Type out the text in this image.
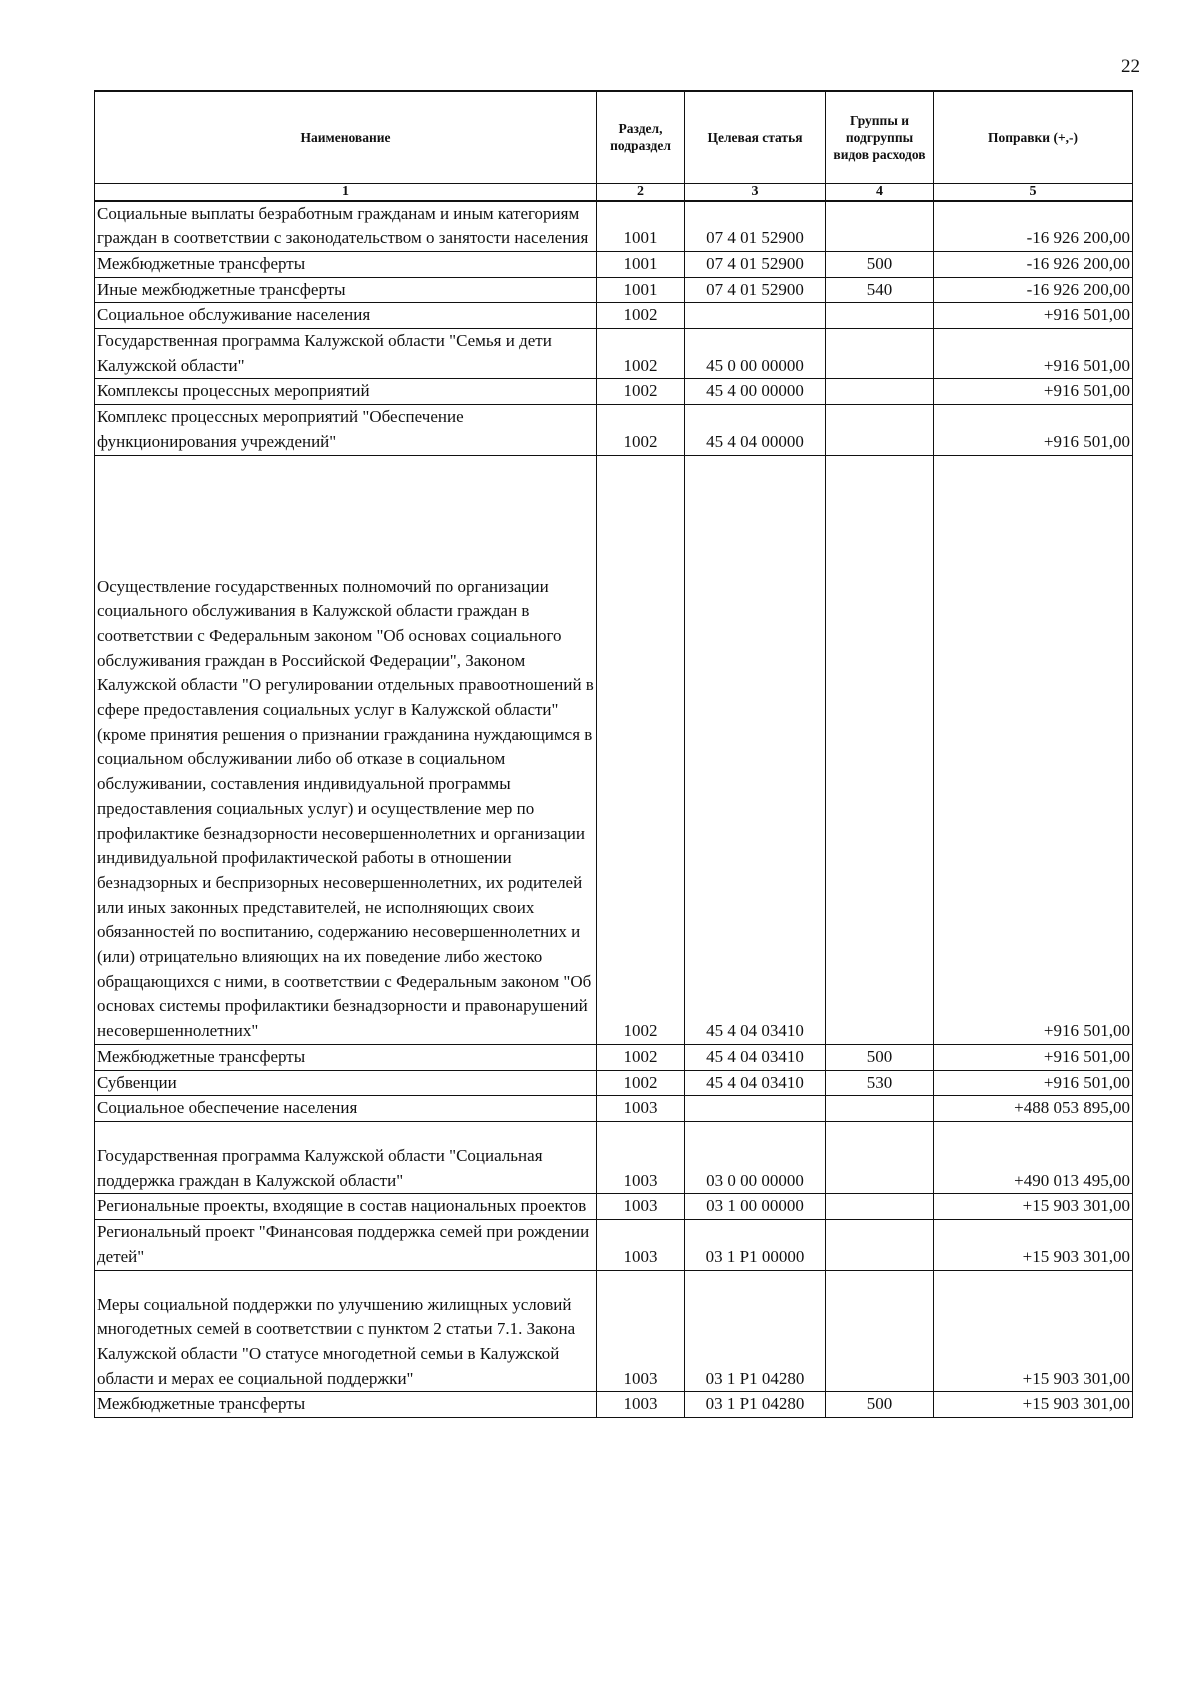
22
Наименование	Раздел, подраздел	Целевая статья	Группы и подгруппы видов расходов	Поправки (+,-)
1	2	3	4	5
Социальные выплаты безработным гражданам и иным категориям граждан в соответствии с законодательством о занятости населения	1001	07 4 01 52900		-16 926 200,00
Межбюджетные трансферты	1001	07 4 01 52900	500	-16 926 200,00
Иные межбюджетные трансферты	1001	07 4 01 52900	540	-16 926 200,00
Социальное обслуживание населения	1002			+916 501,00
Государственная программа Калужской области "Семья и дети Калужской области"	1002	45 0 00 00000		+916 501,00
Комплексы процессных мероприятий	1002	45 4 00 00000		+916 501,00
Комплекс процессных мероприятий "Обеспечение функционирования учреждений"	1002	45 4 04 00000		+916 501,00

Осуществление государственных полномочий по организации социального обслуживания в Калужской области граждан в соответствии с Федеральным законом "Об основах социального обслуживания граждан в Российской Федерации", Законом Калужской области "О регулировании отдельных правоотношений в сфере предоставления социальных услуг в Калужской области" (кроме принятия решения о признании гражданина нуждающимся в социальном обслуживании либо об отказе в социальном обслуживании, составления индивидуальной программы предоставления социальных услуг) и осуществление мер по профилактике безнадзорности несовершеннолетних и организации индивидуальной профилактической работы в отношении безнадзорных и беспризорных несовершеннолетних, их родителей или иных законных представителей, не исполняющих своих обязанностей по воспитанию, содержанию несовершеннолетних и (или) отрицательно влияющих на их поведение либо жестоко обращающихся с ними, в соответствии с Федеральным законом "Об основах системы профилактики безнадзорности и правонарушений несовершеннолетних"	1002	45 4 04 03410		+916 501,00
Межбюджетные трансферты	1002	45 4 04 03410	500	+916 501,00
Субвенции	1002	45 4 04 03410	530	+916 501,00
Социальное обеспечение населения	1003			+488 053 895,00

Государственная программа Калужской области "Социальная поддержка граждан в Калужской области"	1003	03 0 00 00000		+490 013 495,00
Региональные проекты, входящие в состав национальных проектов	1003	03 1 00 00000		+15 903 301,00
Региональный проект "Финансовая поддержка семей при рождении детей"	1003	03 1 P1 00000		+15 903 301,00

Меры социальной поддержки по улучшению жилищных условий многодетных семей в соответствии с пунктом 2 статьи 7.1. Закона Калужской области "О статусе многодетной семьи в Калужской области и мерах ее социальной поддержки"	1003	03 1 P1 04280		+15 903 301,00
Межбюджетные трансферты	1003	03 1 P1 04280	500	+15 903 301,00
